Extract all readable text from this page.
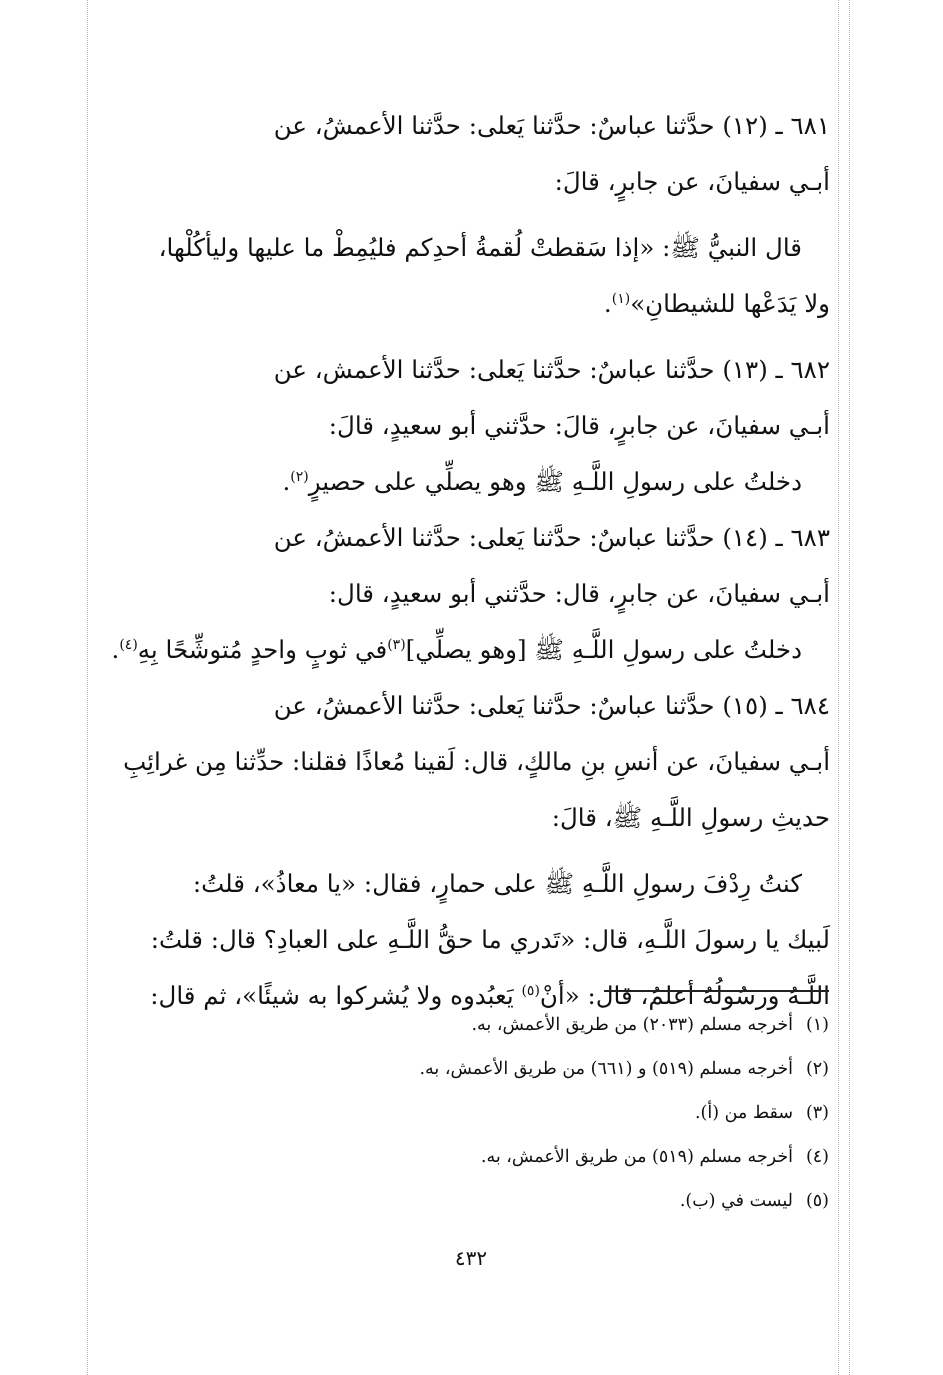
٦٨١ ـ (١٢) حدَّثنا عباسٌ: حدَّثنا يَعلى: حدَّثنا الأعمشُ، عن
أبـي سفيانَ، عن جابرٍ، قالَ:

قال النبيُّ ﷺ: «إذا سَقطتْ لُقمةُ أحدِكم فليُمِطْ ما عليها وليأكُلْها،
ولا يَدَعْها للشيطانِ»$^{(١)}$.

٦٨٢ ـ (١٣) حدَّثنا عباسٌ: حدَّثنا يَعلى: حدَّثنا الأعمش، عن
أبـي سفيانَ، عن جابرٍ، قالَ: حدَّثني أبو سعيدٍ، قالَ:

دخلتُ على رسولِ اللَّـهِ ﷺ وهو يصلِّي على حصيرٍ$^{(٢)}$.

٦٨٣ ـ (١٤) حدَّثنا عباسٌ: حدَّثنا يَعلى: حدَّثنا الأعمشُ، عن
أبـي سفيانَ، عن جابرٍ، قال: حدَّثني أبو سعيدٍ، قال:

دخلتُ على رسولِ اللَّـهِ ﷺ [وهو يصلِّي]$^{(٣)}$في ثوبٍ واحدٍ مُتوشِّحًا بِهِ$^{(٤)}$.

٦٨٤ ـ (١٥) حدَّثنا عباسٌ: حدَّثنا يَعلى: حدَّثنا الأعمشُ، عن
أبـي سفيانَ، عن أنسِ بنِ مالكٍ، قال: لَقينا مُعاذًا فقلنا: حدِّثنا مِن غرائِبِ
حديثِ رسولِ اللَّـهِ ﷺ، قالَ:

كنتُ رِدْفَ رسولِ اللَّـهِ ﷺ على حمارٍ، فقال: «يا معاذُ»، قلتُ:
لَبيك يا رسولَ اللَّـهِ، قال: «تَدري ما حقُّ اللَّـهِ على العبادِ؟ قال: قلتُ:
اللَّـهُ ورسُولُهُ أعلمُ، قال: «أنْ$^{(٥)}$ يَعبُدوه ولا يُشركوا به شيئًا»، ثم قال:

(١)أخرجه مسلم (٢٠٣٣) من طريق الأعمش، به.
(٢)أخرجه مسلم (٥١٩) و (٦٦١) من طريق الأعمش، به.
(٣)سقط من (أ).
(٤)أخرجه مسلم (٥١٩) من طريق الأعمش، به.
(٥)ليست في (ب).
٤٣٢
